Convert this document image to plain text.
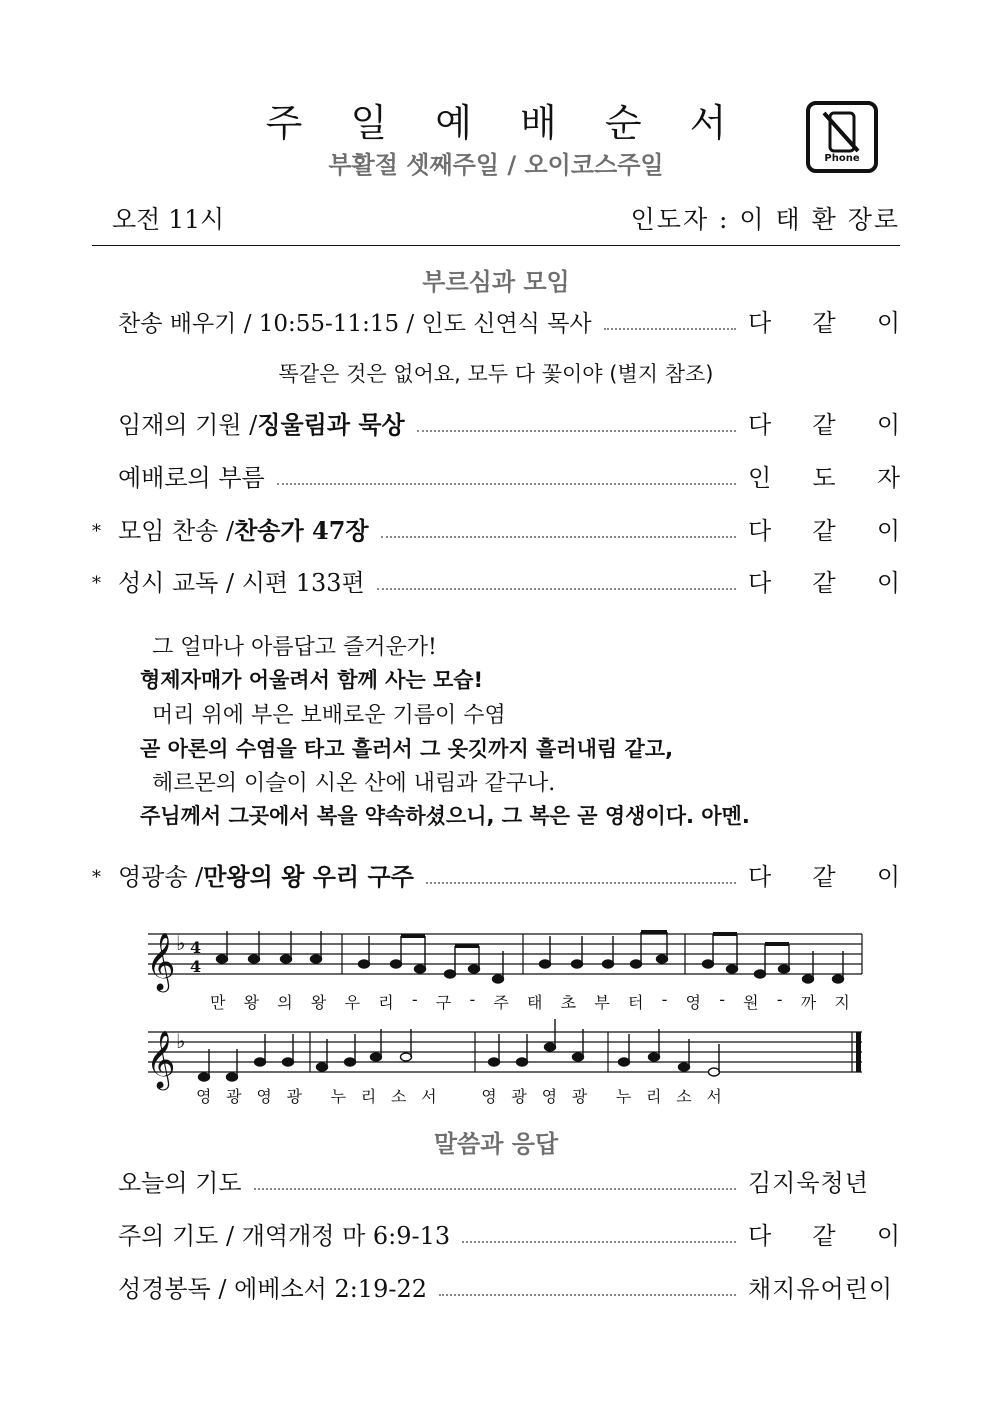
주 일 예 배 순 서
부활절 셋째주일 / 오이코스주일	Phone
오전 11시	인도자 : 이 태 환 장로
부르심과 모임
찬송 배우기 / 10:55-11:15 / 인도 신연식 목사	다 같 이
똑같은 것은 없어요, 모두 다 꽃이야 (별지 참조)
임재의 기원 / 징울림과 묵상	다 같 이
예배로의 부름	인 도 자
* 모임 찬송 / 찬송가 47장	다 같 이
* 성시 교독 / 시편 133편	다 같 이
그 얼마나 아름답고 즐거운가!
형제자매가 어울려서 함께 사는 모습!
머리 위에 부은 보배로운 기름이 수염
곧 아론의 수염을 타고 흘러서 그 옷깃까지 흘러내림 같고,
헤르몬의 이슬이 시온 산에 내림과 같구나.
주님께서 그곳에서 복을 약속하셨으니, 그 복은 곧 영생이다. 아멘.
* 영광송 / 만왕의 왕 우리 구주	다 같 이
𝄞
𝄞
♭
♭
4
4
만 왕 의 왕 우 리 - 구 - 주 태 초 부 터 - 영 - 원 - 까 지
영 광 영 광 누 리 소 서	영 광 영 광 누 리 소 서
말씀과 응답
오늘의 기도	김지욱청년
주의 기도 / 개역개정 마 6:9-13	다 같 이
성경봉독 / 에베소서 2:19-22	채지유어린이
